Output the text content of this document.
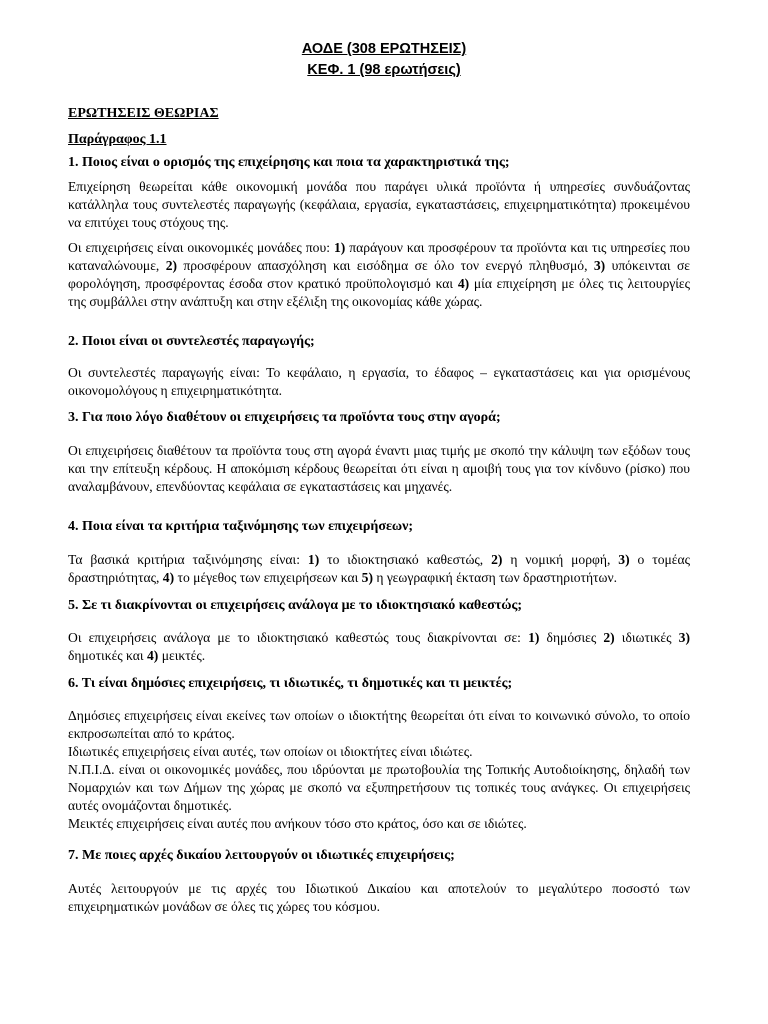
ΑΟΔΕ (308 ΕΡΩΤΗΣΕΙΣ)
ΚΕΦ. 1 (98 ερωτήσεις)
ΕΡΩΤΗΣΕΙΣ ΘΕΩΡΙΑΣ
Παράγραφος 1.1
1. Ποιος είναι ο ορισμός της επιχείρησης και ποια τα χαρακτηριστικά της;
Επιχείρηση θεωρείται κάθε οικονομική μονάδα που παράγει υλικά προϊόντα ή υπηρεσίες συνδυάζοντας κατάλληλα τους συντελεστές παραγωγής (κεφάλαια, εργασία, εγκαταστάσεις, επιχειρηματικότητα) προκειμένου να επιτύχει τους στόχους της.
Οι επιχειρήσεις είναι οικονομικές μονάδες που: 1) παράγουν και προσφέρουν τα προϊόντα και τις υπηρεσίες που καταναλώνουμε, 2) προσφέρουν απασχόληση και εισόδημα σε όλο τον ενεργό πληθυσμό, 3) υπόκεινται σε φορολόγηση, προσφέροντας έσοδα στον κρατικό προϋπολογισμό και 4) μία επιχείρηση με όλες τις λειτουργίες της συμβάλλει στην ανάπτυξη και στην εξέλιξη της οικονομίας κάθε χώρας.
2. Ποιοι είναι οι συντελεστές παραγωγής;
Οι συντελεστές παραγωγής είναι: Το κεφάλαιο, η εργασία, το έδαφος – εγκαταστάσεις και για ορισμένους οικονομολόγους η επιχειρηματικότητα.
3. Για ποιο λόγο διαθέτουν οι επιχειρήσεις τα προϊόντα τους στην αγορά;
Οι επιχειρήσεις διαθέτουν τα προϊόντα τους στη αγορά έναντι μιας τιμής με σκοπό την κάλυψη των εξόδων τους και την επίτευξη κέρδους. Η αποκόμιση κέρδους θεωρείται ότι είναι η αμοιβή τους για τον κίνδυνο (ρίσκο) που αναλαμβάνουν, επενδύοντας κεφάλαια σε εγκαταστάσεις και μηχανές.
4. Ποια είναι τα κριτήρια ταξινόμησης των επιχειρήσεων;
Τα βασικά κριτήρια ταξινόμησης είναι: 1) το ιδιοκτησιακό καθεστώς, 2) η νομική μορφή, 3) ο τομέας δραστηριότητας, 4) το μέγεθος των επιχειρήσεων και 5) η γεωγραφική έκταση των δραστηριοτήτων.
5. Σε τι διακρίνονται οι επιχειρήσεις ανάλογα με το ιδιοκτησιακό καθεστώς;
Οι επιχειρήσεις ανάλογα με το ιδιοκτησιακό καθεστώς τους διακρίνονται σε: 1) δημόσιες 2) ιδιωτικές 3) δημοτικές και 4) μεικτές.
6. Τι είναι δημόσιες επιχειρήσεις, τι ιδιωτικές, τι δημοτικές και τι μεικτές;

Δημόσιες επιχειρήσεις είναι εκείνες των οποίων ο ιδιοκτήτης θεωρείται ότι είναι το κοινωνικό σύνολο, το οποίο εκπροσωπείται από το κράτος.

Ιδιωτικές επιχειρήσεις είναι αυτές, των οποίων οι ιδιοκτήτες είναι ιδιώτες.

Ν.Π.Ι.Δ. είναι οι οικονομικές μονάδες, που ιδρύονται με πρωτοβουλία της Τοπικής Αυτοδιοίκησης, δηλαδή των Νομαρχιών και των Δήμων της χώρας με σκοπό να εξυπηρετήσουν τις τοπικές τους ανάγκες. Οι επιχειρήσεις αυτές ονομάζονται δημοτικές.

Μεικτές επιχειρήσεις είναι αυτές που ανήκουν τόσο στο κράτος, όσο και σε ιδιώτες.

7. Με ποιες αρχές δικαίου λειτουργούν οι ιδιωτικές επιχειρήσεις;
Αυτές λειτουργούν με τις αρχές του Ιδιωτικού Δικαίου και αποτελούν το μεγαλύτερο ποσοστό των επιχειρηματικών μονάδων σε όλες τις χώρες του κόσμου.
